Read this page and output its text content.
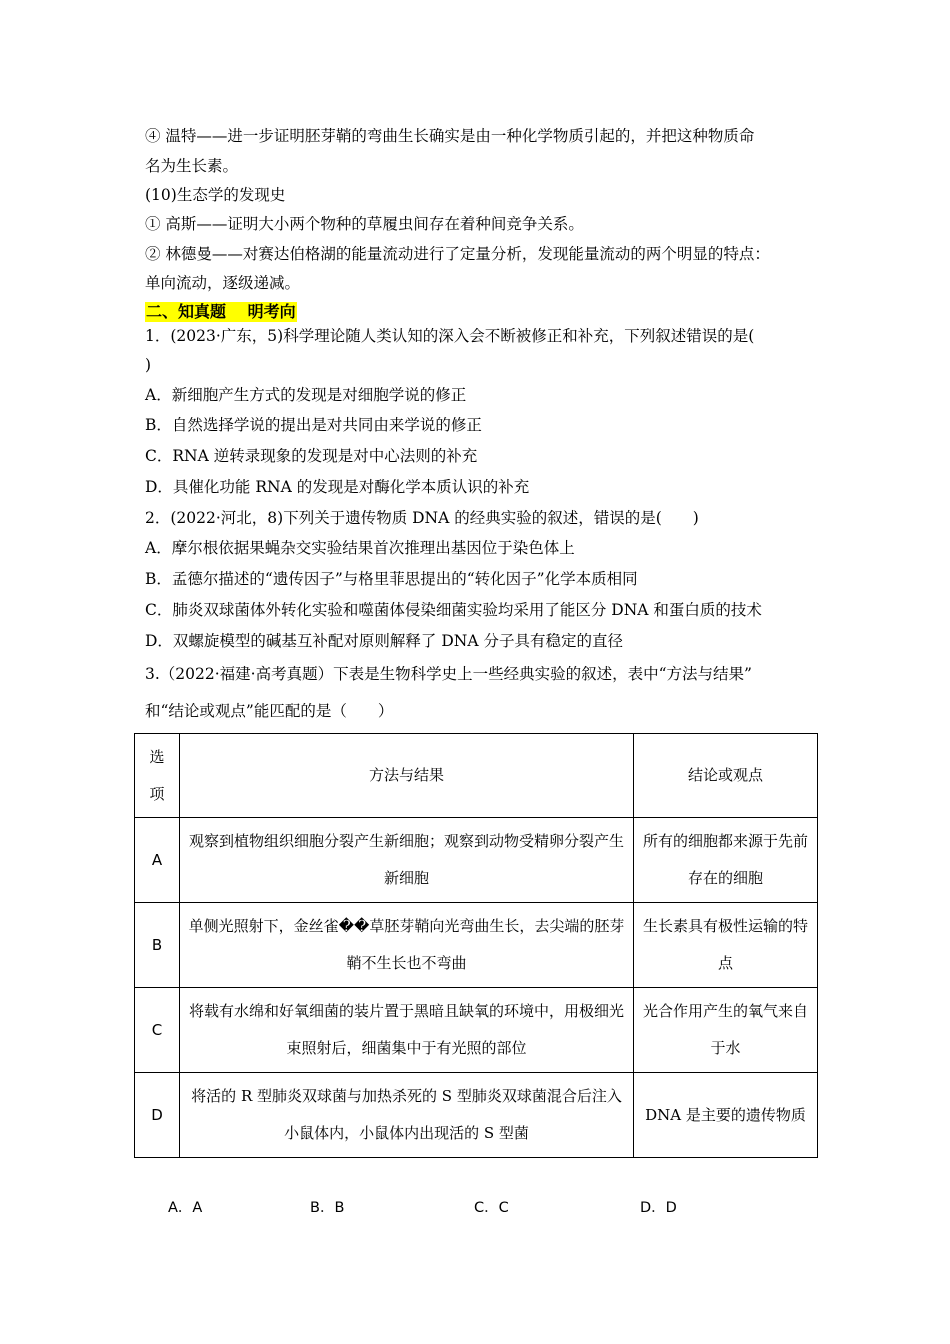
④ 温特——进一步证明胚芽鞘的弯曲生长确实是由一种化学物质引起的，并把这种物质命
名为生长素。
(10)生态学的发现史
① 高斯——证明大小两个物种的草履虫间存在着种间竞争关系。
② 林德曼——对赛达伯格湖的能量流动进行了定量分析，发现能量流动的两个明显的特点：
单向流动，逐级递减。
二、知真题　 明考向
1．(2023·广东，5)科学理论随人类认知的深入会不断被修正和补充，下列叙述错误的是(
)
A．新细胞产生方式的发现是对细胞学说的修正
B．自然选择学说的提出是对共同由来学说的修正
C．RNA 逆转录现象的发现是对中心法则的补充
D．具催化功能 RNA 的发现是对酶化学本质认识的补充
2．(2022·河北，8)下列关于遗传物质 DNA 的经典实验的叙述，错误的是(　　)
A．摩尔根依据果蝇杂交实验结果首次推理出基因位于染色体上
B．孟德尔描述的“遗传因子”与格里菲思提出的“转化因子”化学本质相同
C．肺炎双球菌体外转化实验和噬菌体侵染细菌实验均采用了能区分 DNA 和蛋白质的技术
D．双螺旋模型的碱基互补配对原则解释了 DNA 分子具有稳定的直径
3.（2022·福建·高考真题）下表是生物科学史上一些经典实验的叙述，表中“方法与结果”
和“结论或观点”能匹配的是（　　）
选
项	方法与结果	结论或观点
A	观察到植物组织细胞分裂产生新细胞；观察到动物受精卵分裂产生新细胞	所有的细胞都来源于先前存在的细胞
B	单侧光照射下，金丝雀��草胚芽鞘向光弯曲生长，去尖端的胚芽鞘不生长也不弯曲	生长素具有极性运输的特点
C	将载有水绵和好氧细菌的装片置于黑暗且缺氧的环境中，用极细光束照射后，细菌集中于有光照的部位	光合作用产生的氧气来自于水
D	将活的 R 型肺炎双球菌与加热杀死的 S 型肺炎双球菌混合后注入小鼠体内，小鼠体内出现活的 S 型菌	DNA 是主要的遗传物质
A．A	B．B	C．C	D．D
